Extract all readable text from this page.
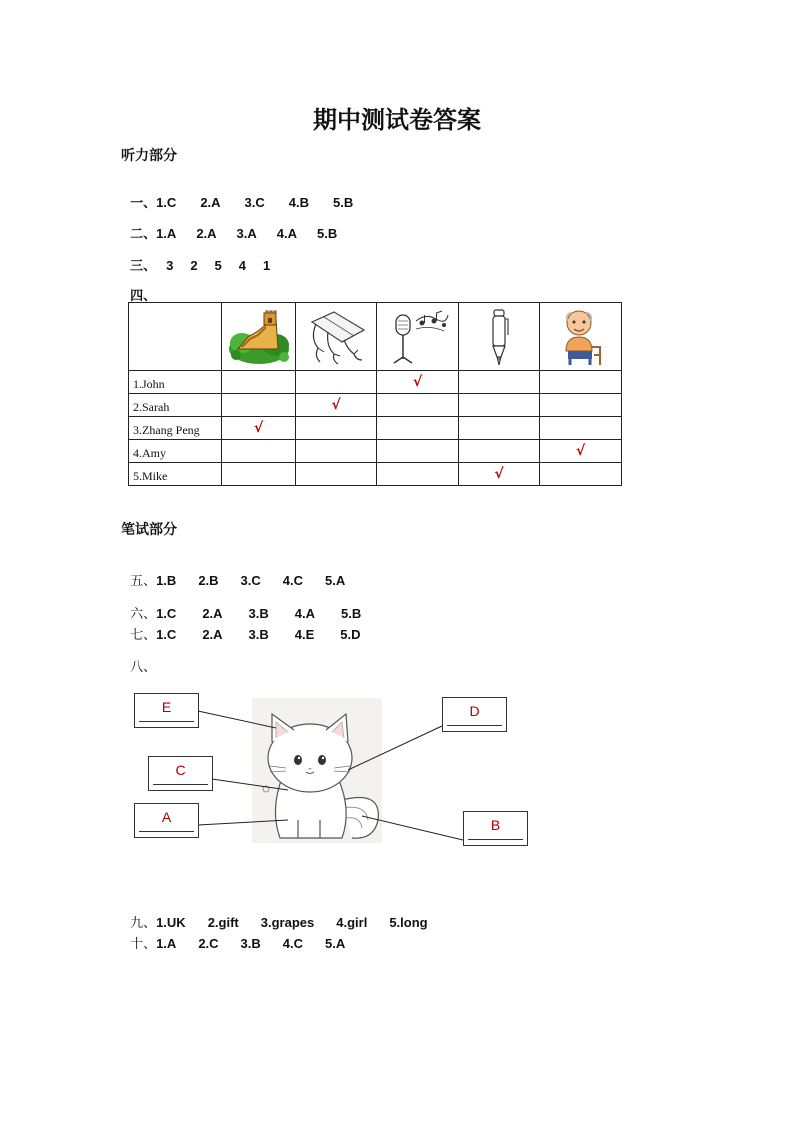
期中测试卷答案
听力部分

一、1.C 2.A 3.C 4.B 5.B

二、1.A 2.A 3.A 4.A 5.B

三、 3 2 5 4 1

四、

1.John			√		
2.Sarah		√			
3.Zhang Peng	√				
4.Amy					√
5.Mike				√	
笔试部分

五、1.B 2.B 3.C 4.C 5.A

六、1.C 2.A 3.B 4.A 5.B

七、1.C 2.A 3.B 4.E 5.D

八、

E	D
C
A	B

九、1.UK 2.gift 3.grapes 4.girl 5.long

十、1.A 2.C 3.B 4.C 5.A
